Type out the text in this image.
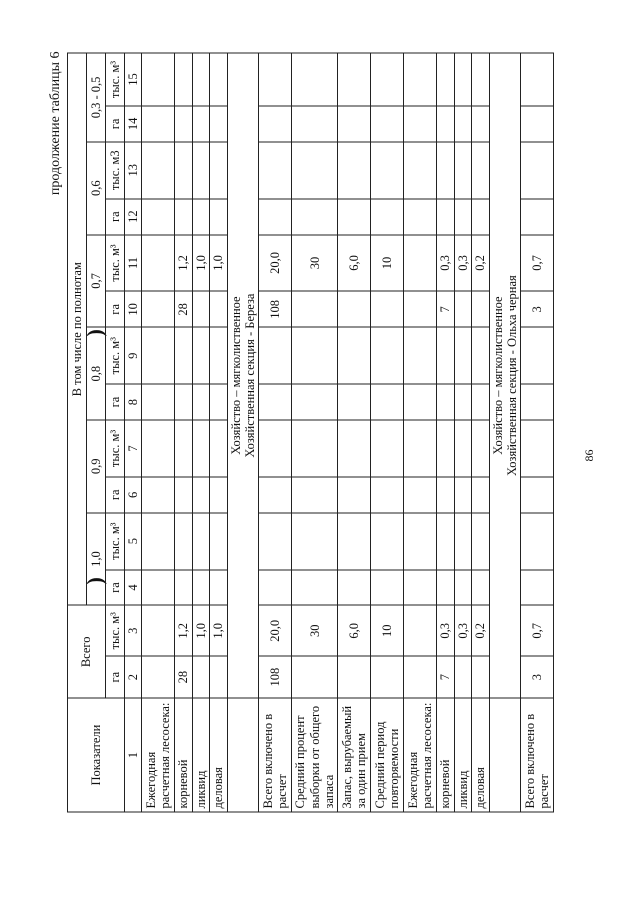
продолжение таблицы 6
)
)
Показатели	Всего		В том числе по полнотам											
			1,0		0,9		0,8		0,7		0,6		0,3 - 0,5	
	га	тыс. м³	га	тыс. м³	га	тыс. м³	га	тыс. м³	га	тыс. м³	га	тыс. м3	га	тыс. м³
1	2	3	4	5	6	7	8	9	10	11	12	13	14	15
Ежегодная расчетная лесосека:														
корневой	28	1,2							28	1,2				
ликвид		1,0								1,0				
деловая		1,0								1,0				

	Хозяйство – мягколиственное Хозяйственная секция - Береза													

Всего включено в расчет	108	20,0							108	20,0				
Средний процент выборки от общего запаса		30								30				
Запас, вырубаемый за один прием		6,0								6,0				
Средний период повторяемости		10								10				
Ежегодная расчетная лесосека:														
корневой	7	0,3							7	0,3				
ликвид		0,3								0,3				
деловая		0,2								0,2				

	Хозяйство – мягколиственное Хозяйственная секция - Ольха черная													

Всего включено в расчет	3	0,7							3	0,7				
86
